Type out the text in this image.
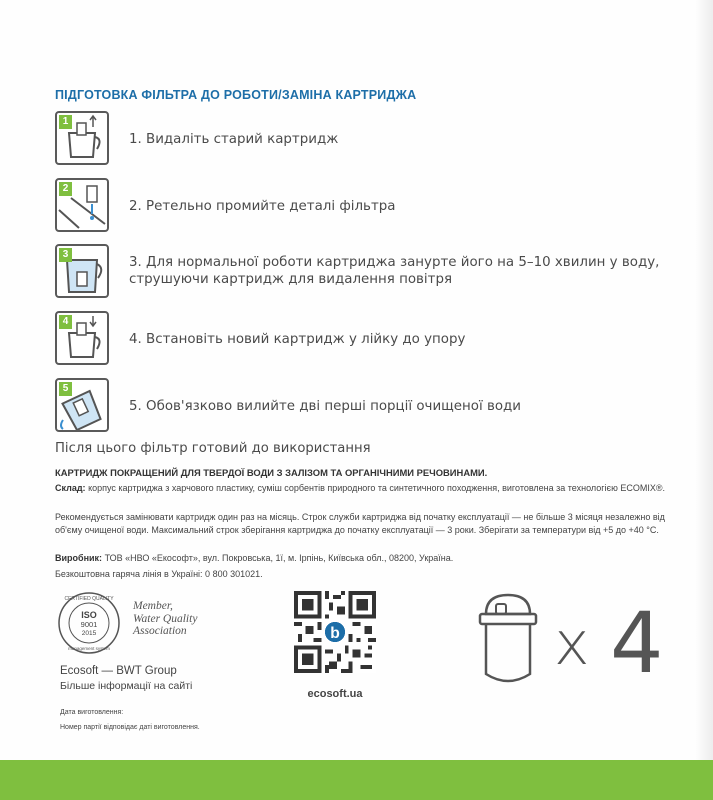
ПІДГОТОВКА ФІЛЬТРА ДО РОБОТИ/ЗАМІНА КАРТРИДЖА
1
1. Видаліть старий картридж
2
2. Ретельно промийте деталі фільтра
3
3. Для нормальної роботи картриджа занурте його на 5–10 хвилин у воду,
струшуючи картридж для видалення повітря
4
4. Встановіть новий картридж у лійку до упору
5
5. Обов'язково вилийте дві перші порції очищеної води
Після цього фільтр готовий до використання
КАРТРИДЖ ПОКРАЩЕНИЙ ДЛЯ ТВЕРДОЇ ВОДИ З ЗАЛІЗОМ ТА ОРГАНІЧНИМИ РЕЧОВИНАМИ.
Склад: корпус картриджа з харчового пластику, суміш сорбентів природного та синтетичного походження, виготовлена за технологією ECOMIX®.
Рекомендується замінювати картридж один раз на місяць. Строк служби картриджа від початку експлуатації — не більше 3 місяця незалежно від об'єму очищеної води. Максимальний строк зберігання картриджа до початку експлуатації — 3 роки. Зберігати за температури від +5 до +40 °С.
Виробник: ТОВ «НВО «Екософт», вул. Покровська, 1ї, м. Ірпінь, Київська обл., 08200, Україна.
Безкоштовна гаряча лінія в Україні: 0 800 301021.
CERTIFIED QUALITY
ISO
9001
2015
management system
Member,
Water Quality
Association
Ecosoft — BWT Group
Більше інформації на сайті
Дата виготовлення:
Номер партії відповідає даті виготовлення.
b
ecosoft.ua
x 4
